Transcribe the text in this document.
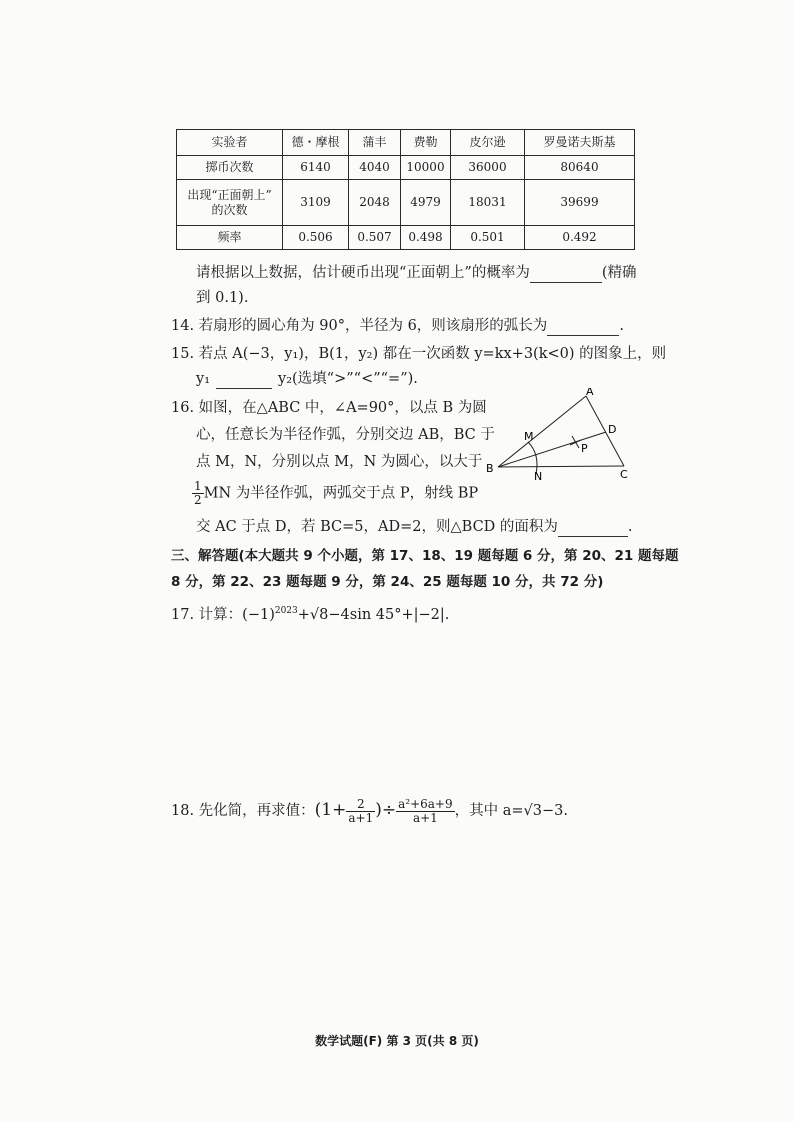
实验者	德・摩根	蒲丰	费勒	皮尔逊	罗曼诺夫斯基
掷币次数	6140	4040	10000	36000	80640
出现“正面朝上”
的次数	3109	2048	4979	18031	39699
频率	0.506	0.507	0.498	0.501	0.492
请根据以上数据，估计硬币出现“正面朝上”的概率为	(精确
到 0.1).
14. 若扇形的圆心角为 90°，半径为 6，则该扇形的弧长为	.
15. 若点 A(−3，y₁)，B(1，y₂) 都在一次函数 y=kx+3(k<0) 的图象上，则
y₁	y₂(选填“>”“<”“=”).
16. 如图，在△ABC 中，∠A=90°，以点 B 为圆
心，任意长为半径作弧，分别交边 AB，BC 于
点 M，N，分别以点 M，N 为圆心，以大于
$\frac{1}{2}$ MN 为半径作弧，两弧交于点 P，射线 BP
交 AC 于点 D，若 BC=5，AD=2，则△BCD 的面积为	.
A
B	C
D
M
N
P
三、解答题(本大题共 9 个小题，第 17、18、19 题每题 6 分，第 20、21 题每题
8 分，第 22、23 题每题 9 分，第 24、25 题每题 10 分，共 72 分)
17. 计算：$(-1)^{2023}+√8-4\sin$ 45°+|−2|.
18. 先化简，再求值：($1+ \frac{2}{a+1}$ )÷ $\frac{\text{a²+6a+9}}{a+1}$ ，其中 a=√3−3.
数学试题(F) 第 3 页(共 8 页)
